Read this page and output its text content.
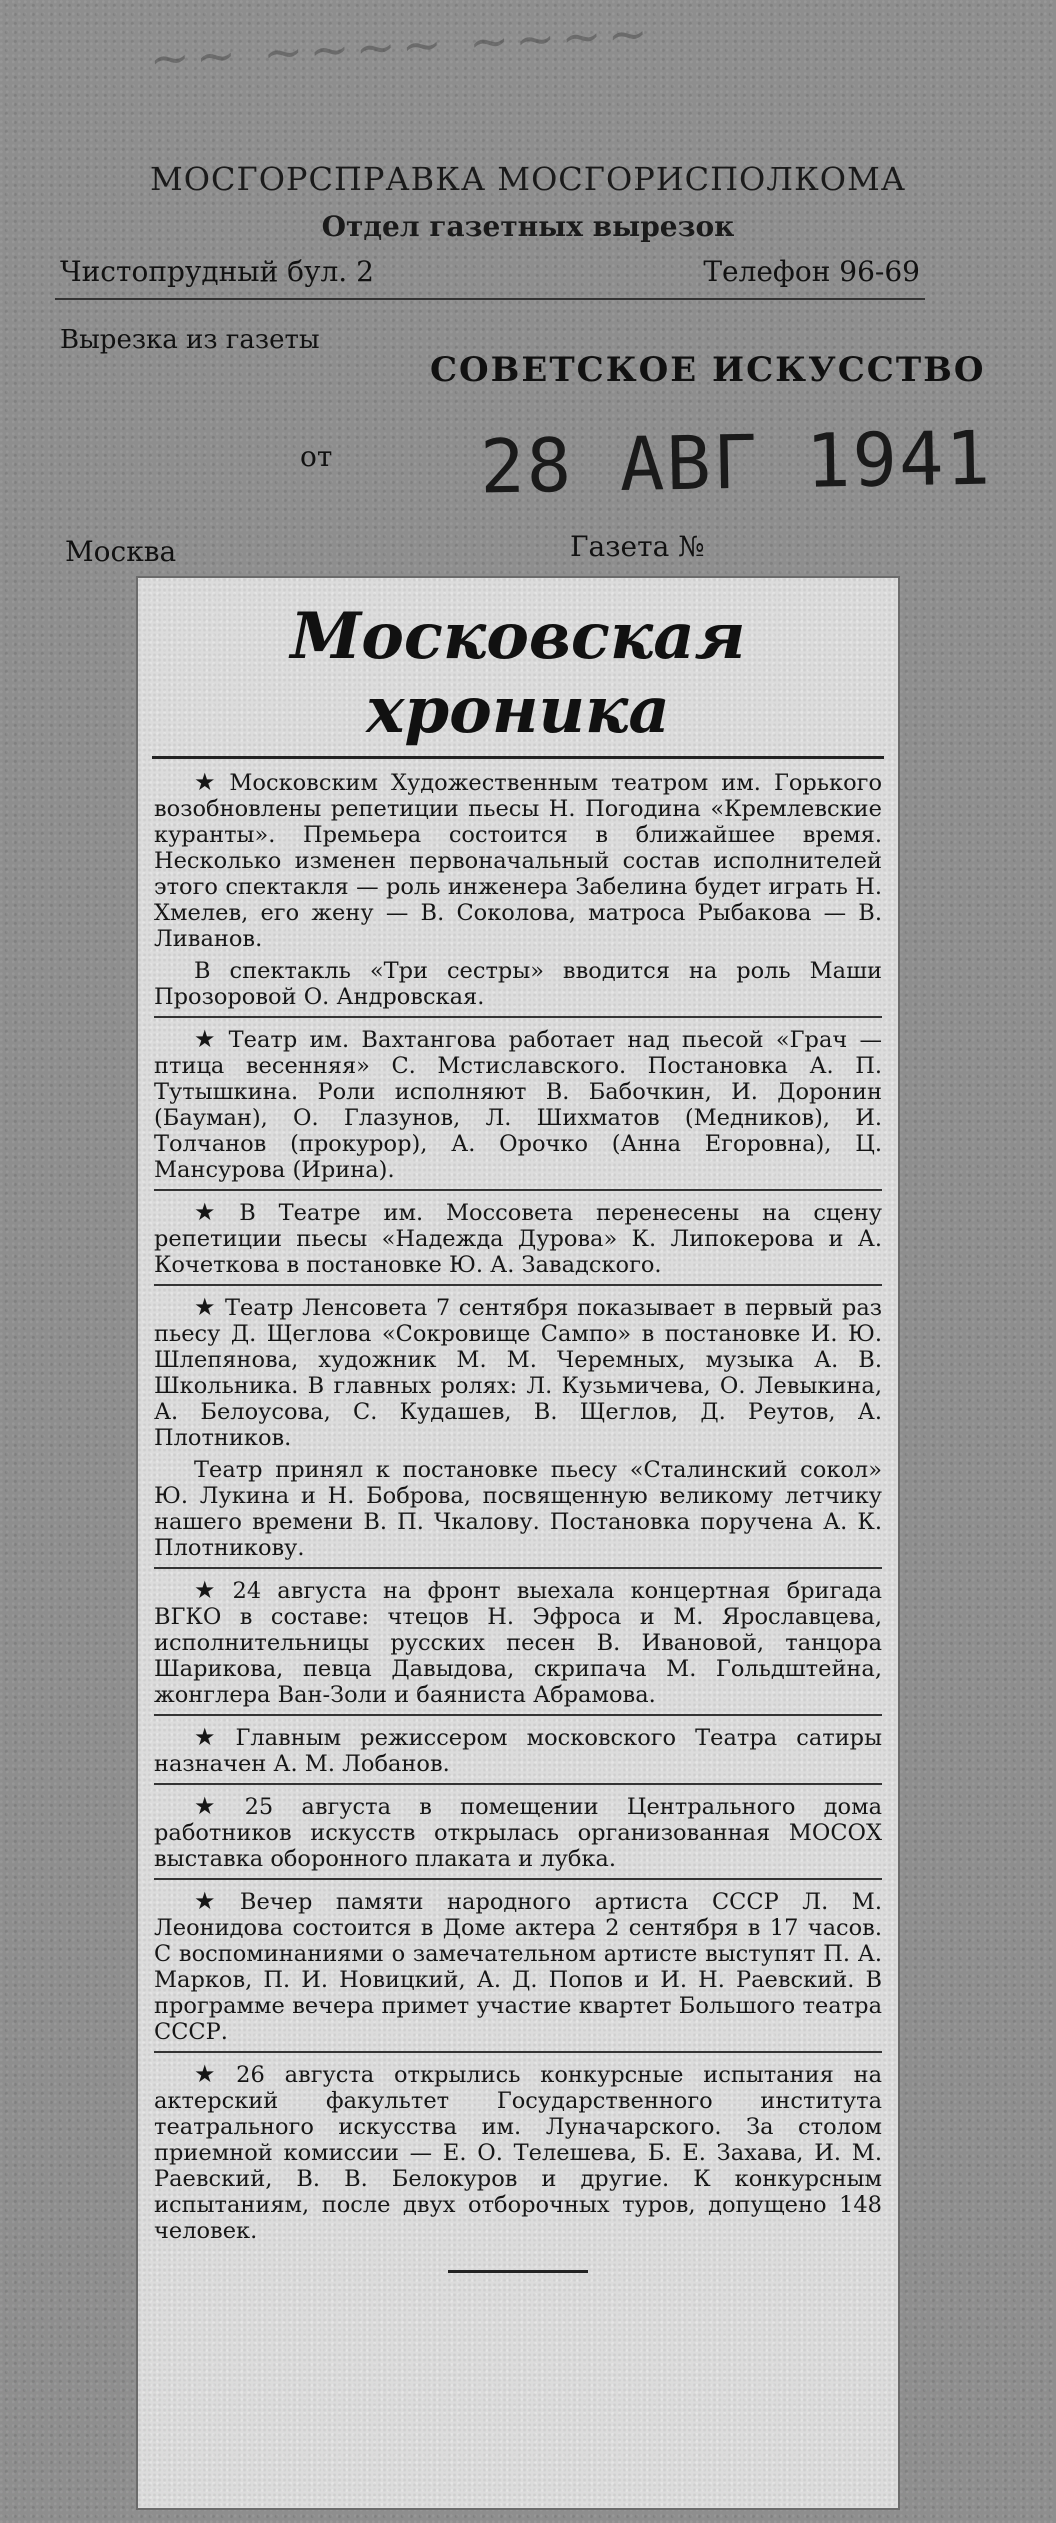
~~ ~~~~ ~~~~
МОСГОРСПРАВКА МОСГОРИСПОЛКОМА
Отдел газетных вырезок
Чистопрудный бул. 2	Телефон 96-69
Вырезка из газеты
СОВЕТСКОЕ ИСКУССТВО
от 28 АВГ 1941
Москва	Газета №
Московская
хроника

★ Московским Художественным театром им. Горького возобновлены репетиции пьесы Н. Погодина «Кремлевские куранты». Премьера состоится в ближайшее время. Несколько изменен первоначальный состав исполнителей этого спектакля — роль инженера Забелина будет играть Н. Хмелев, его жену — В. Соколова, матроса Рыбакова — В. Ливанов.

В спектакль «Три сестры» вводится на роль Маши Прозоровой О. Андровская.

★ Театр им. Вахтангова работает над пьесой «Грач — птица весенняя» С. Мстиславского. Постановка А. П. Тутышкина. Роли исполняют В. Бабочкин, И. Доронин (Бауман), О. Глазунов, Л. Шихматов (Медников), И. Толчанов (прокурор), А. Орочко (Анна Егоровна), Ц. Мансурова (Ирина).

★ В Театре им. Моссовета перенесены на сцену репетиции пьесы «Надежда Дурова» К. Липокерова и А. Кочеткова в постановке Ю. А. Завадского.

★ Театр Ленсовета 7 сентября показывает в первый раз пьесу Д. Щеглова «Сокровище Сампо» в постановке И. Ю. Шлепянова, художник М. М. Черемных, музыка А. В. Школьника. В главных ролях: Л. Кузьмичева, О. Левыкина, А. Белоусова, С. Кудашев, В. Щеглов, Д. Реутов, А. Плотников.

Театр принял к постановке пьесу «Сталинский сокол» Ю. Лукина и Н. Боброва, посвященную великому летчику нашего времени В. П. Чкалову. Постановка поручена А. К. Плотникову.

★ 24 августа на фронт выехала концертная бригада ВГКО в составе: чтецов Н. Эфроса и М. Ярославцева, исполнительницы русских песен В. Ивановой, танцора Шарикова, певца Давыдова, скрипача М. Гольдштейна, жонглера Ван-Золи и баяниста Абрамова.

★ Главным режиссером московского Театра сатиры назначен А. М. Лобанов.

★ 25 августа в помещении Центрального дома работников искусств открылась организованная МОСОХ выставка оборонного плаката и лубка.

★ Вечер памяти народного артиста СССР Л. М. Леонидова состоится в Доме актера 2 сентября в 17 часов. С воспоминаниями о замечательном артисте выступят П. А. Марков, П. И. Новицкий, А. Д. Попов и И. Н. Раевский. В программе вечера примет участие квартет Большого театра СССР.

★ 26 августа открылись конкурсные испытания на актерский факультет Государственного института театрального искусства им. Луначарского. За столом приемной комиссии — Е. О. Телешева, Б. Е. Захава, И. М. Раевский, В. В. Белокуров и другие. К конкурсным испытаниям, после двух отборочных туров, допущено 148 человек.
